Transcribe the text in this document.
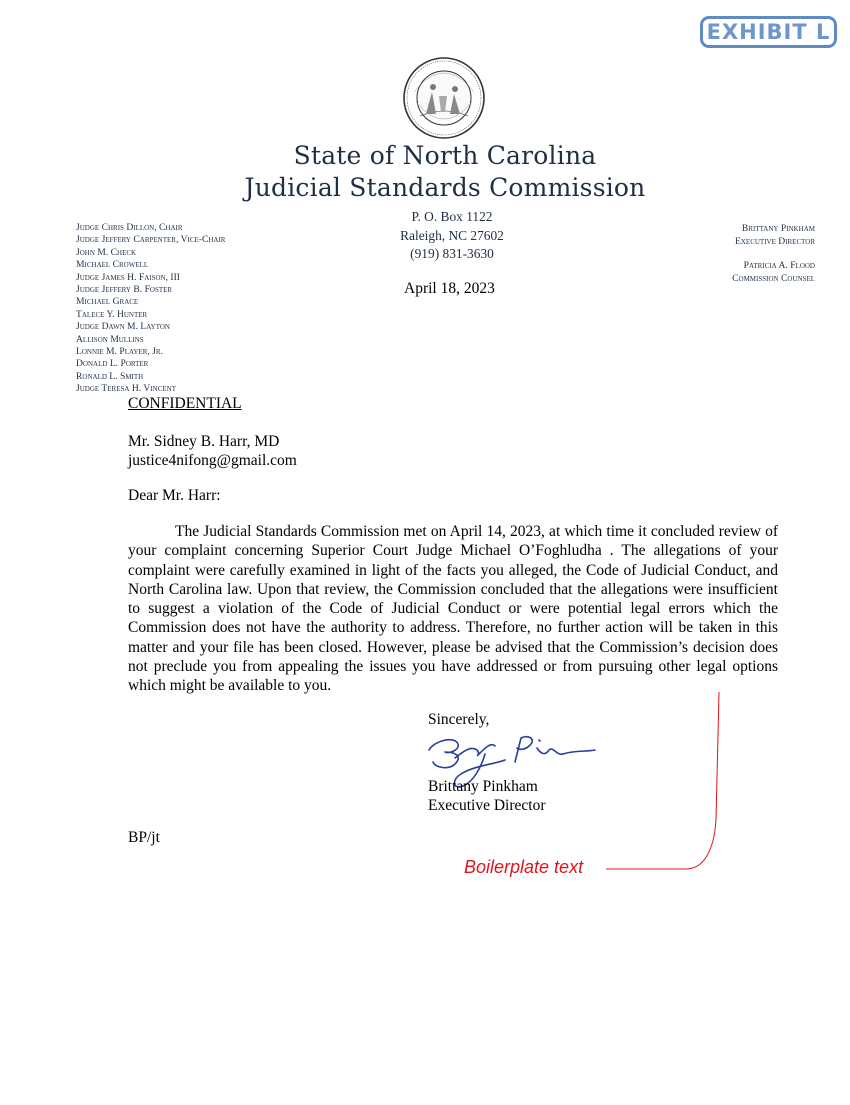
EXHIBIT L
State of North Carolina
Judicial Standards Commission
Judge Chris Dillon, Chair
Judge Jeffery Carpenter, Vice-Chair
John M. Check
Michael Crowell
Judge James H. Faison, III
Judge Jeffery B. Foster
Michael Grace
Talece Y. Hunter
Judge Dawn M. Layton
Allison Mullins
Lonnie M. Player, Jr.
Donald L. Porter
Ronald L. Smith
Judge Teresa H. Vincent
P. O. Box 1122
Raleigh, NC 27602
(919) 831-3630
April 18, 2023
Brittany Pinkham
Executive Director
Patricia A. Flood
Commission Counsel
CONFIDENTIAL
Mr. Sidney B. Harr, MD
justice4nifong@gmail.com
Dear Mr. Harr:
The Judicial Standards Commission met on April 14, 2023, at which time it concluded review of your complaint concerning Superior Court Judge Michael O’Foghludha . The allegations of your complaint were carefully examined in light of the facts you alleged, the Code of Judicial Conduct, and North Carolina law. Upon that review, the Commission concluded that the allegations were insufficient to suggest a violation of the Code of Judicial Conduct or were potential legal errors which the Commission does not have the authority to address. Therefore, no further action will be taken in this matter and your file has been closed. However, please be advised that the Commission’s decision does not preclude you from appealing the issues you have addressed or from pursuing other legal options which might be available to you.
Sincerely,
Brittany Pinkham
Executive Director
BP/jt
Boilerplate text
